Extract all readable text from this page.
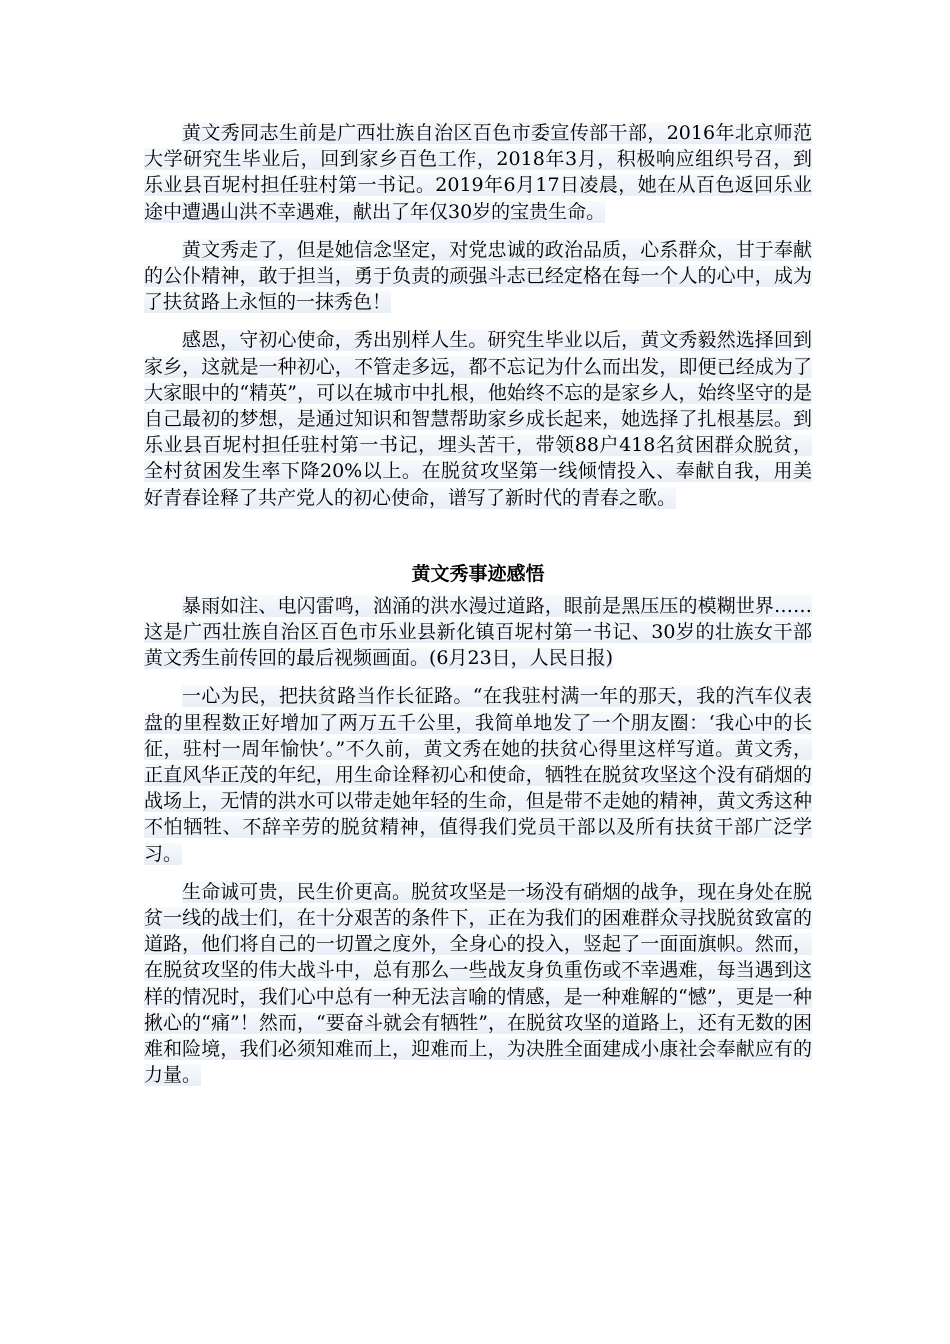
黄文秀同志生前是广西壮族自治区百色市委宣传部干部，2016年北京师范大学研究生毕业后，回到家乡百色工作，2018年3月，积极响应组织号召，到乐业县百坭村担任驻村第一书记。2019年6月17日凌晨，她在从百色返回乐业途中遭遇山洪不幸遇难，献出了年仅30岁的宝贵生命。

黄文秀走了，但是她信念坚定，对党忠诚的政治品质，心系群众，甘于奉献的公仆精神，敢于担当，勇于负责的顽强斗志已经定格在每一个人的心中，成为了扶贫路上永恒的一抹秀色！

感恩，守初心使命，秀出别样人生。研究生毕业以后，黄文秀毅然选择回到家乡，这就是一种初心，不管走多远，都不忘记为什么而出发，即便已经成为了大家眼中的“精英”，可以在城市中扎根，他始终不忘的是家乡人，始终坚守的是自己最初的梦想，是通过知识和智慧帮助家乡成长起来，她选择了扎根基层。到乐业县百坭村担任驻村第一书记，埋头苦干，带领88户418名贫困群众脱贫，全村贫困发生率下降20%以上。在脱贫攻坚第一线倾情投入、奉献自我，用美好青春诠释了共产党人的初心使命，谱写了新时代的青春之歌。

黄文秀事迹感悟

暴雨如注、电闪雷鸣，汹涌的洪水漫过道路，眼前是黑压压的模糊世界……这是广西壮族自治区百色市乐业县新化镇百坭村第一书记、30岁的壮族女干部黄文秀生前传回的最后视频画面。(6月23日，人民日报)

一心为民，把扶贫路当作长征路。“在我驻村满一年的那天，我的汽车仪表盘的里程数正好增加了两万五千公里，我简单地发了一个朋友圈：‘我心中的长征，驻村一周年愉快’。”不久前，黄文秀在她的扶贫心得里这样写道。黄文秀，正直风华正茂的年纪，用生命诠释初心和使命，牺牲在脱贫攻坚这个没有硝烟的战场上，无情的洪水可以带走她年轻的生命，但是带不走她的精神，黄文秀这种不怕牺牲、不辞辛劳的脱贫精神，值得我们党员干部以及所有扶贫干部广泛学习。

生命诚可贵，民生价更高。脱贫攻坚是一场没有硝烟的战争，现在身处在脱贫一线的战士们，在十分艰苦的条件下，正在为我们的困难群众寻找脱贫致富的道路，他们将自己的一切置之度外，全身心的投入，竖起了一面面旗帜。然而，在脱贫攻坚的伟大战斗中，总有那么一些战友身负重伤或不幸遇难，每当遇到这样的情况时，我们心中总有一种无法言喻的情感，是一种难解的“憾”，更是一种揪心的“痛”！然而，“要奋斗就会有牺牲”，在脱贫攻坚的道路上，还有无数的困难和险境，我们必须知难而上，迎难而上，为决胜全面建成小康社会奉献应有的力量。
